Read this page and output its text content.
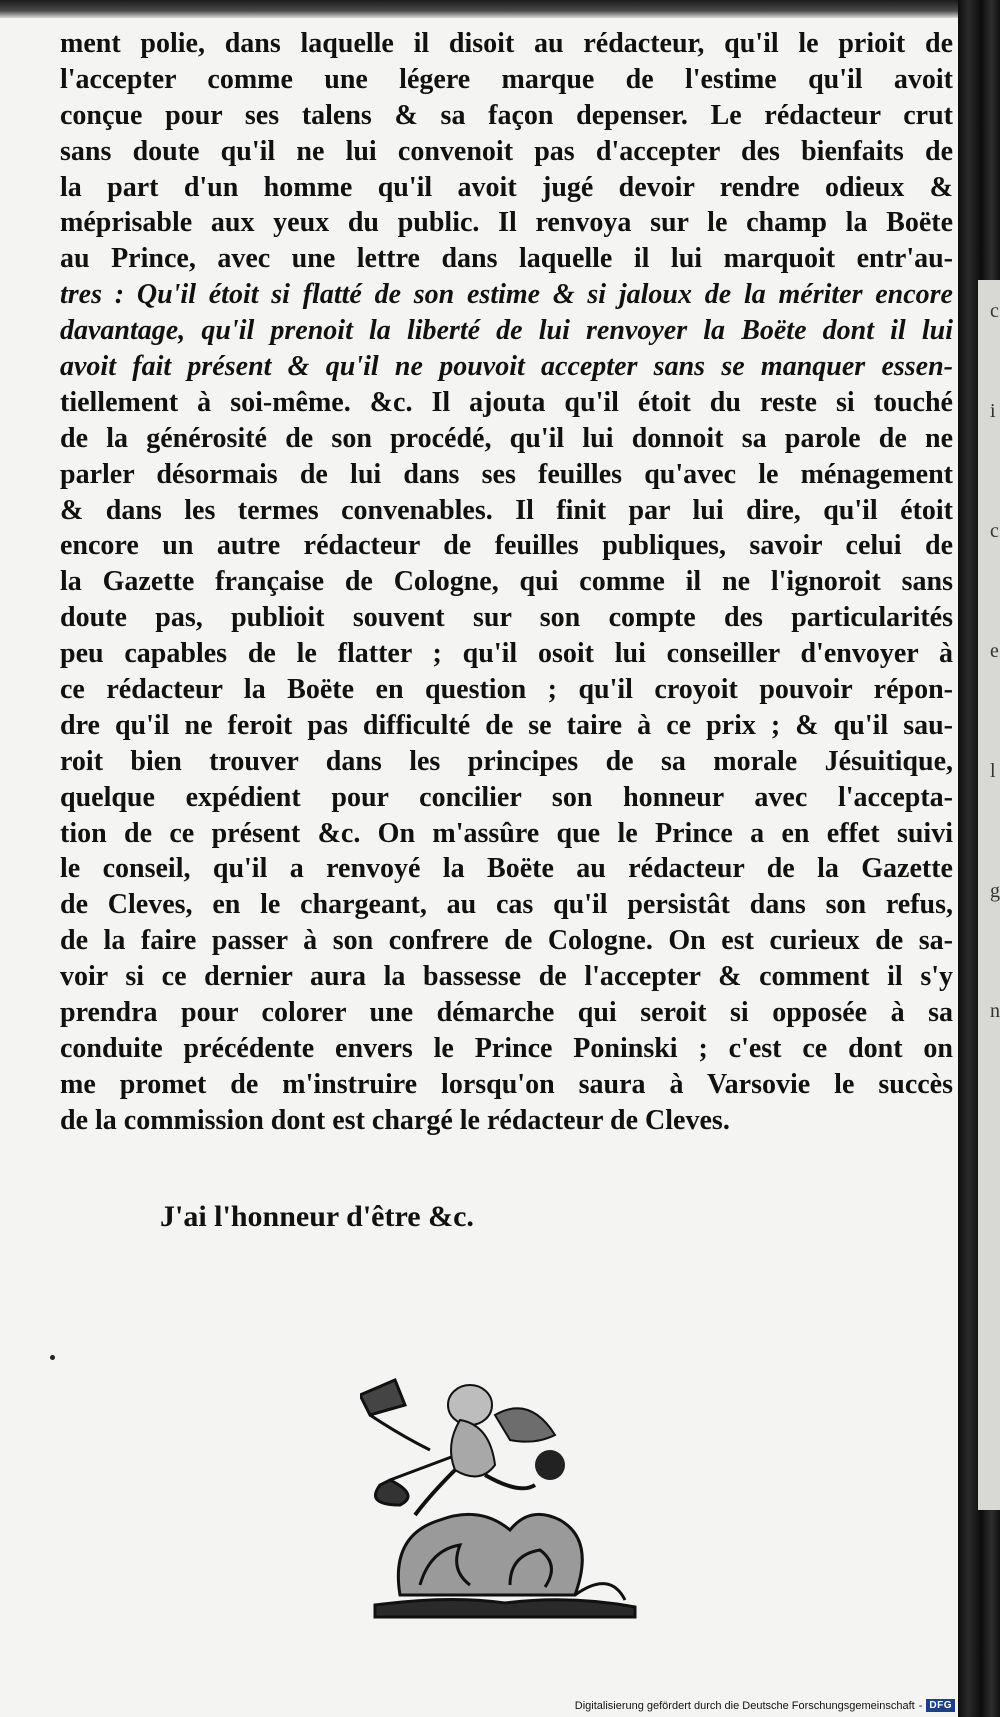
ment polie, dans laquelle il disoit au rédacteur, qu'il le prioit de
l'accepter comme une légere marque de l'estime qu'il avoit
conçue pour ses talens & sa façon depenser. Le rédacteur crut
sans doute qu'il ne lui convenoit pas d'accepter des bienfaits de
la part d'un homme qu'il avoit jugé devoir rendre odieux &
méprisable aux yeux du public. Il renvoya sur le champ la Boëte
au Prince, avec une lettre dans laquelle il lui marquoit entr'au-
tres : Qu'il étoit si flatté de son estime & si jaloux de la mériter encore
davantage, qu'il prenoit la liberté de lui renvoyer la Boëte dont il lui
avoit fait présent & qu'il ne pouvoit accepter sans se manquer essen-
tiellement à soi-même. &c. Il ajouta qu'il étoit du reste si touché
de la générosité de son procédé, qu'il lui donnoit sa parole de ne
parler désormais de lui dans ses feuilles qu'avec le ménagement
& dans les termes convenables. Il finit par lui dire, qu'il étoit
encore un autre rédacteur de feuilles publiques, savoir celui de
la Gazette française de Cologne, qui comme il ne l'ignoroit sans
doute pas, publioit souvent sur son compte des particularités
peu capables de le flatter ; qu'il osoit lui conseiller d'envoyer à
ce rédacteur la Boëte en question ; qu'il croyoit pouvoir répon-
dre qu'il ne feroit pas difficulté de se taire à ce prix ; & qu'il sau-
roit bien trouver dans les principes de sa morale Jésuitique,
quelque expédient pour concilier son honneur avec l'accepta-
tion de ce présent &c. On m'assûre que le Prince a en effet suivi
le conseil, qu'il a renvoyé la Boëte au rédacteur de la Gazette
de Cleves, en le chargeant, au cas qu'il persistât dans son refus,
de la faire passer à son confrere de Cologne. On est curieux de sa-
voir si ce dernier aura la bassesse de l'accepter & comment il s'y
prendra pour colorer une démarche qui seroit si opposée à sa
conduite précédente envers le Prince Poninski ; c'est ce dont on
me promet de m'instruire lorsqu'on saura à Varsovie le succès
de la commission dont est chargé le rédacteur de Cleves.
J'ai l'honneur d'être &c.
c
i
c
e
l
g
n
Digitalisierung gefördert durch die Deutsche Forschungsgemeinschaft - DFG
